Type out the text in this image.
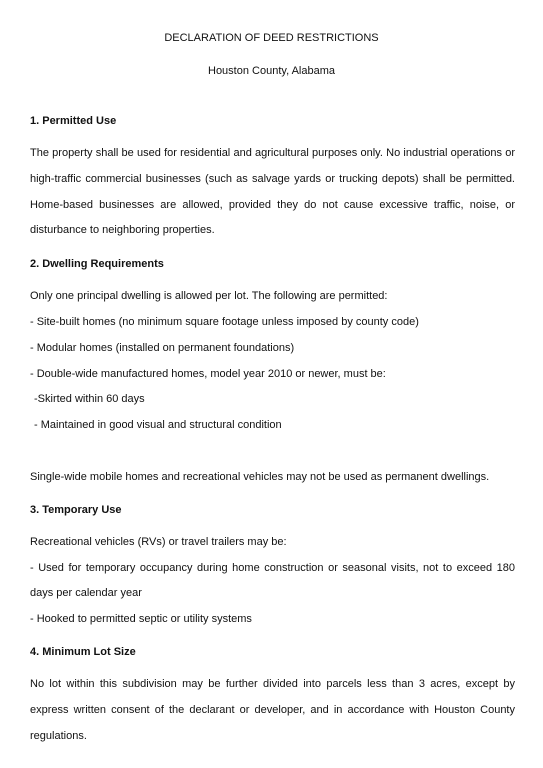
DECLARATION OF DEED RESTRICTIONS

Houston County, Alabama

1. Permitted Use

The property shall be used for residential and agricultural purposes only. No industrial operations or high-traffic commercial businesses (such as salvage yards or trucking depots) shall be permitted. Home-based businesses are allowed, provided they do not cause excessive traffic, noise, or disturbance to neighboring properties.

2. Dwelling Requirements

Only one principal dwelling is allowed per lot. The following are permitted:

- Site-built homes (no minimum square footage unless imposed by county code)

- Modular homes (installed on permanent foundations)

- Double-wide manufactured homes, model year 2010 or newer, must be:

-Skirted within 60 days

- Maintained in good visual and structural condition

Single-wide mobile homes and recreational vehicles may not be used as permanent dwellings.

3. Temporary Use

Recreational vehicles (RVs) or travel trailers may be:

- Used for temporary occupancy during home construction or seasonal visits, not to exceed 180 days per calendar year

- Hooked to permitted septic or utility systems

4. Minimum Lot Size

No lot within this subdivision may be further divided into parcels less than 3 acres, except by express written consent of the declarant or developer, and in accordance with Houston County regulations.
